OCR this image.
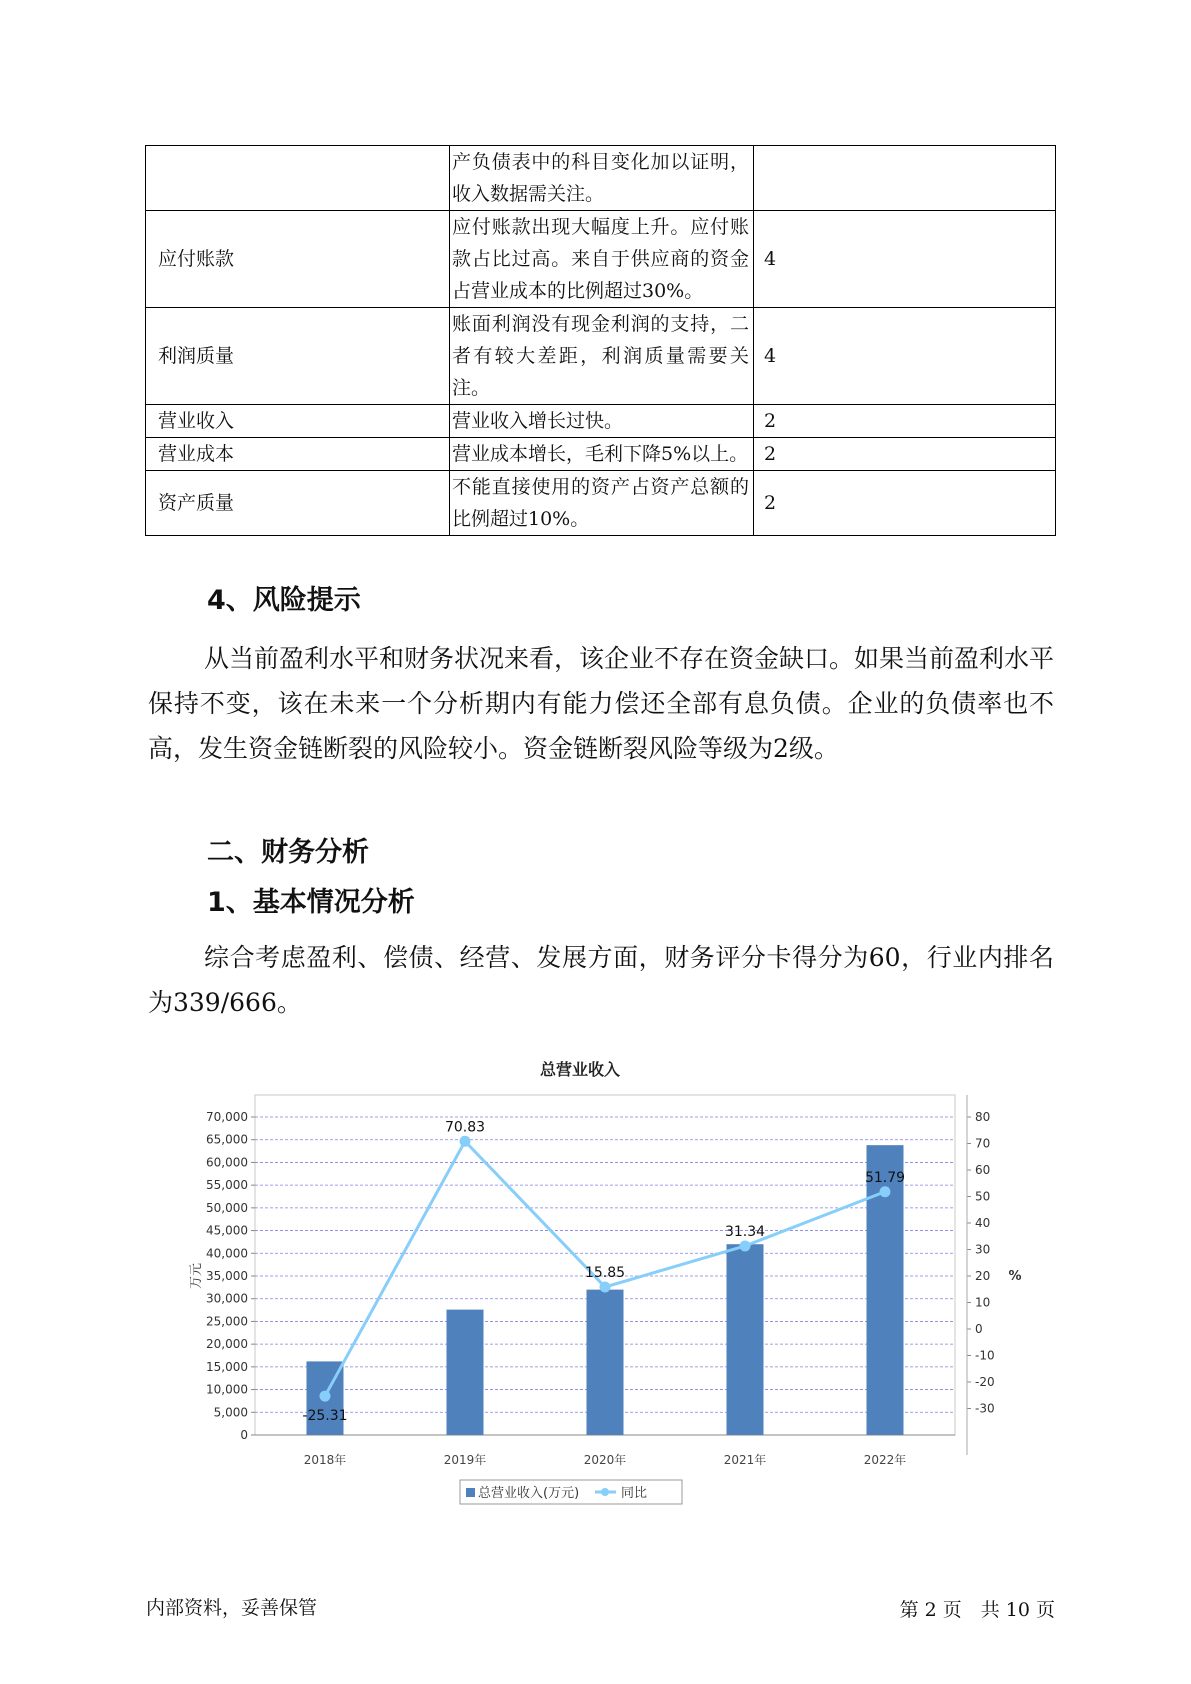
	产负债表中的科目变化加以证明，收入数据需关注。	
应付账款	应付账款出现大幅度上升。应付账款占比过高。来自于供应商的资金占营业成本的比例超过30%。	4
利润质量	账面利润没有现金利润的支持，二者有较大差距，利润质量需要关注。	4
营业收入	营业收入增长过快。	2
营业成本	营业成本增长，毛利下降5%以上。	2
资产质量	不能直接使用的资产占资产总额的比例超过10%。	2
4、风险提示
从当前盈利水平和财务状况来看，该企业不存在资金缺口。如果当前盈利水平保持不变，该在未来一个分析期内有能力偿还全部有息负债。企业的负债率也不高，发生资金链断裂的风险较小。资金链断裂风险等级为2级。
二、财务分析
1、基本情况分析
综合考虑盈利、偿债、经营、发展方面，财务评分卡得分为60，行业内排名为339/666。
总营业收入
0
5,000
10,000
15,000
20,000
25,000
30,000
35,000
40,000
45,000
50,000
55,000
60,000
65,000
70,000
-30
-20
-10
0
10
20
30
40
50
60
70
80
万元	%
2018年	2019年	2020年	2021年	2022年
-25.31
70.83
15.85
31.34
51.79
总营业收入(万元)	同比
内部资料，妥善保管	第 2 页　共 10 页
